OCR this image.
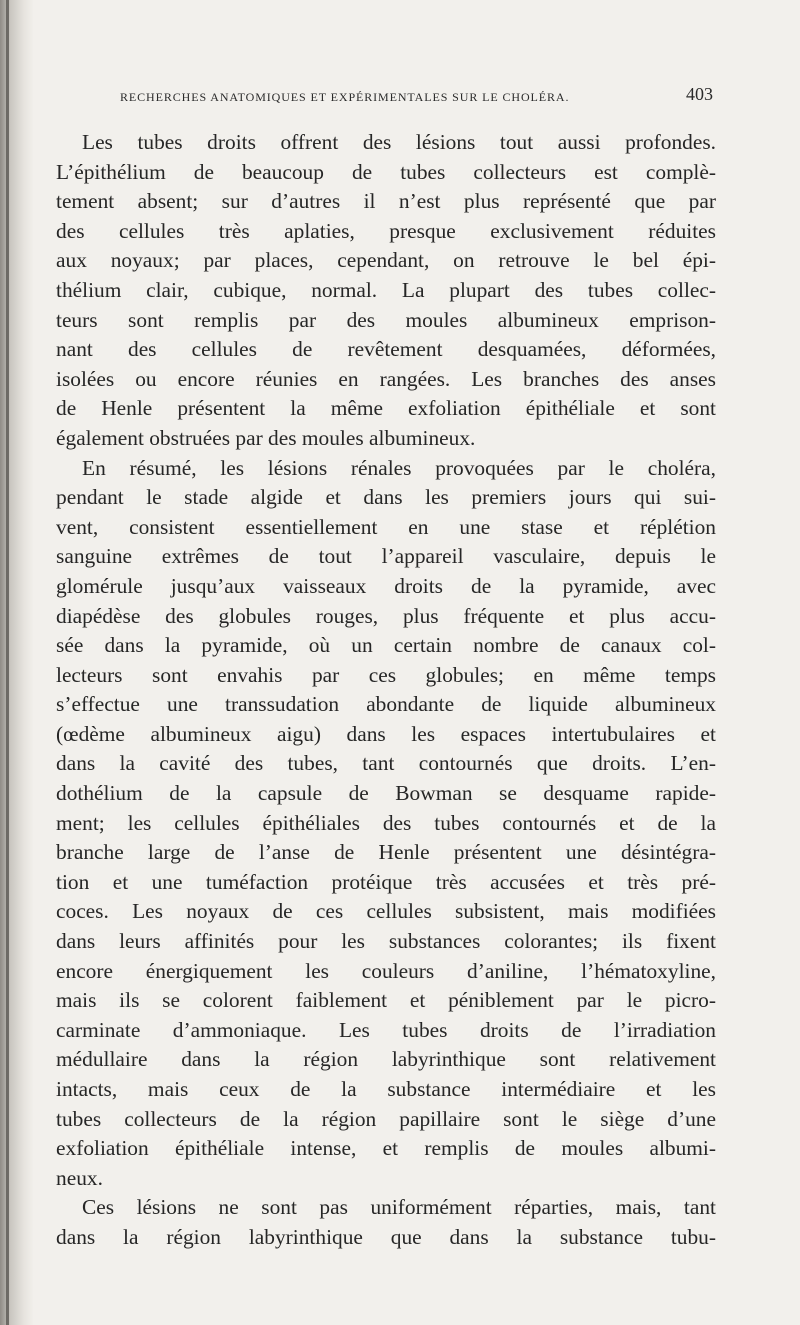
RECHERCHES ANATOMIQUES ET EXPÉRIMENTALES SUR LE CHOLÉRA.	403
Les tubes droits offrent des lésions tout aussi profondes.
L’épithélium de beaucoup de tubes collecteurs est complè-
tement absent; sur d’autres il n’est plus représenté que par
des cellules très aplaties, presque exclusivement réduites
aux noyaux; par places, cependant, on retrouve le bel épi-
thélium clair, cubique, normal. La plupart des tubes collec-
teurs sont remplis par des moules albumineux emprison-
nant des cellules de revêtement desquamées, déformées,
isolées ou encore réunies en rangées. Les branches des anses
de Henle présentent la même exfoliation épithéliale et sont
également obstruées par des moules albumineux.
En résumé, les lésions rénales provoquées par le choléra,
pendant le stade algide et dans les premiers jours qui sui-
vent, consistent essentiellement en une stase et réplétion
sanguine extrêmes de tout l’appareil vasculaire, depuis le
glomérule jusqu’aux vaisseaux droits de la pyramide, avec
diapédèse des globules rouges, plus fréquente et plus accu-
sée dans la pyramide, où un certain nombre de canaux col-
lecteurs sont envahis par ces globules; en même temps
s’effectue une transsudation abondante de liquide albumineux
(œdème albumineux aigu) dans les espaces intertubulaires et
dans la cavité des tubes, tant contournés que droits. L’en-
dothélium de la capsule de Bowman se desquame rapide-
ment; les cellules épithéliales des tubes contournés et de la
branche large de l’anse de Henle présentent une désintégra-
tion et une tuméfaction protéique très accusées et très pré-
coces. Les noyaux de ces cellules subsistent, mais modifiées
dans leurs affinités pour les substances colorantes; ils fixent
encore énergiquement les couleurs d’aniline, l’hématoxyline,
mais ils se colorent faiblement et péniblement par le picro-
carminate d’ammoniaque. Les tubes droits de l’irradiation
médullaire dans la région labyrinthique sont relativement
intacts, mais ceux de la substance intermédiaire et les
tubes collecteurs de la région papillaire sont le siège d’une
exfoliation épithéliale intense, et remplis de moules albumi-
neux.
Ces lésions ne sont pas uniformément réparties, mais, tant
dans la région labyrinthique que dans la substance tubu-
